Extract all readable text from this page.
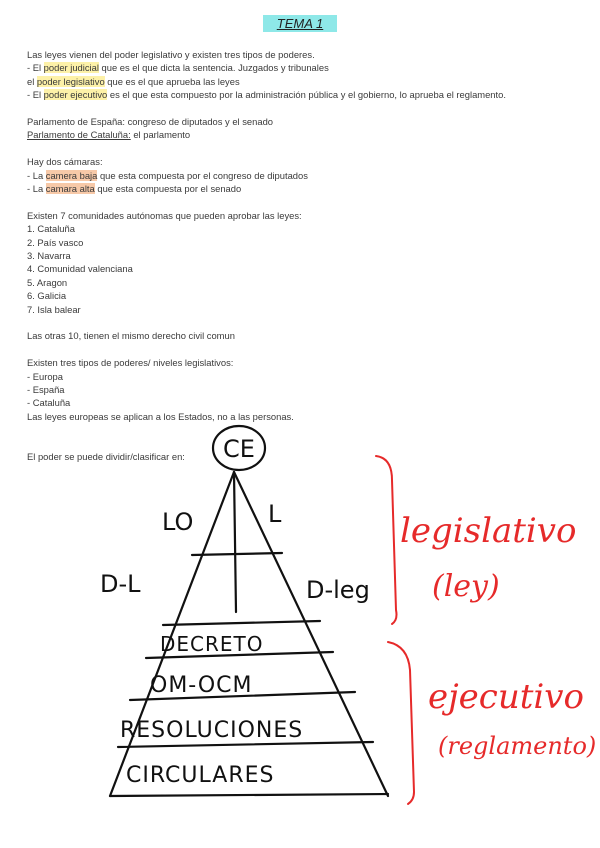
TEMA 1
Las leyes vienen del poder legislativo y existen tres tipos de poderes.
- El poder judicial que es el que dicta la sentencia. Juzgados y tribunales
el poder legislativo que es el que aprueba las leyes
- El poder ejecutivo es el que esta compuesto por la administración pública y el gobierno, lo aprueba el reglamento.
Parlamento de España: congreso de diputados y el senado
Parlamento de Cataluña: el parlamento
Hay dos cámaras:
- La camera baja que esta compuesta por el congreso de diputados
- La camara alta que esta compuesta por el senado
Existen 7 comunidades autónomas que pueden aprobar las leyes:
1. Cataluña
2. País vasco
3. Navarra
4. Comunidad valenciana
5. Aragon
6. Galicia
7. Isla balear
Las otras 10, tienen el mismo derecho civil comun
Existen tres tipos de poderes/ niveles legislativos:
- Europa
- España
- Cataluña
Las leyes europeas se aplican a los Estados, no a las personas.
El poder se puede dividir/clasificar en:	CE
LO	L
D-L	D-leg
DECRETO
OM-OCM
RESOLUCIONES
CIRCULARES
legislativo
(ley)
ejecutivo
(reglamento)
